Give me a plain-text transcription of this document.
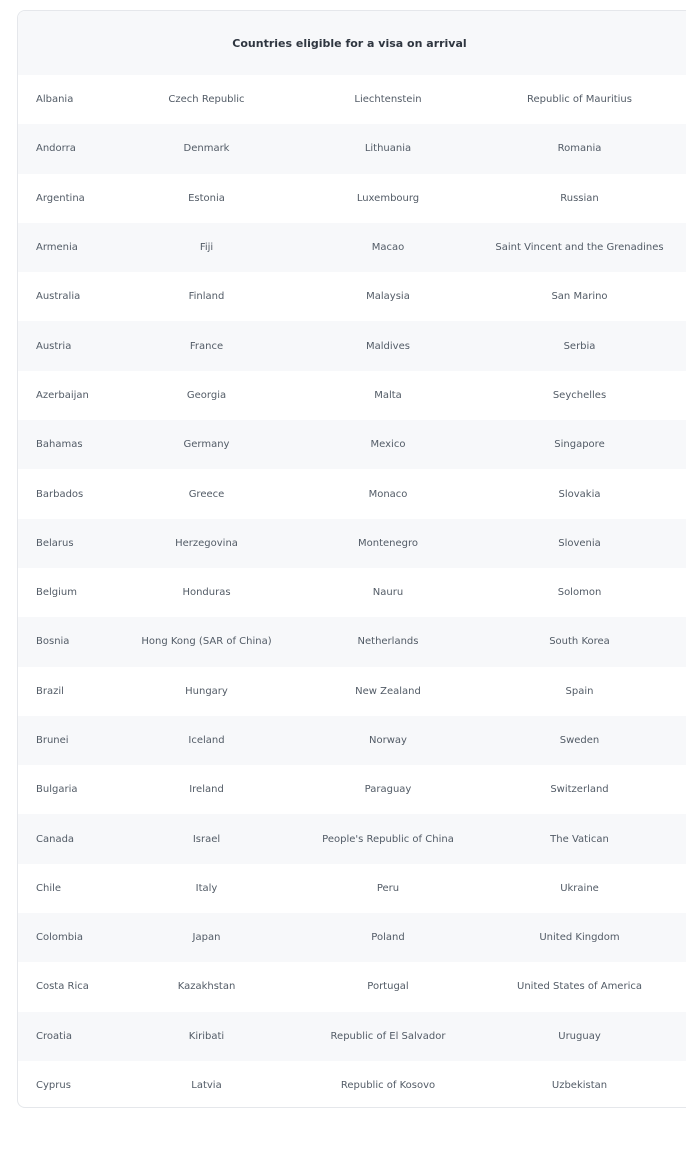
Countries eligible for a visa on arrival
Albania	Czech Republic	Liechtenstein	Republic of Mauritius
Andorra	Denmark	Lithuania	Romania
Argentina	Estonia	Luxembourg	Russian
Armenia	Fiji	Macao	Saint Vincent and the Grenadines
Australia	Finland	Malaysia	San Marino
Austria	France	Maldives	Serbia
Azerbaijan	Georgia	Malta	Seychelles
Bahamas	Germany	Mexico	Singapore
Barbados	Greece	Monaco	Slovakia
Belarus	Herzegovina	Montenegro	Slovenia
Belgium	Honduras	Nauru	Solomon
Bosnia	Hong Kong (SAR of China)	Netherlands	South Korea
Brazil	Hungary	New Zealand	Spain
Brunei	Iceland	Norway	Sweden
Bulgaria	Ireland	Paraguay	Switzerland
Canada	Israel	People's Republic of China	The Vatican
Chile	Italy	Peru	Ukraine
Colombia	Japan	Poland	United Kingdom
Costa Rica	Kazakhstan	Portugal	United States of America
Croatia	Kiribati	Republic of El Salvador	Uruguay
Cyprus	Latvia	Republic of Kosovo	Uzbekistan
